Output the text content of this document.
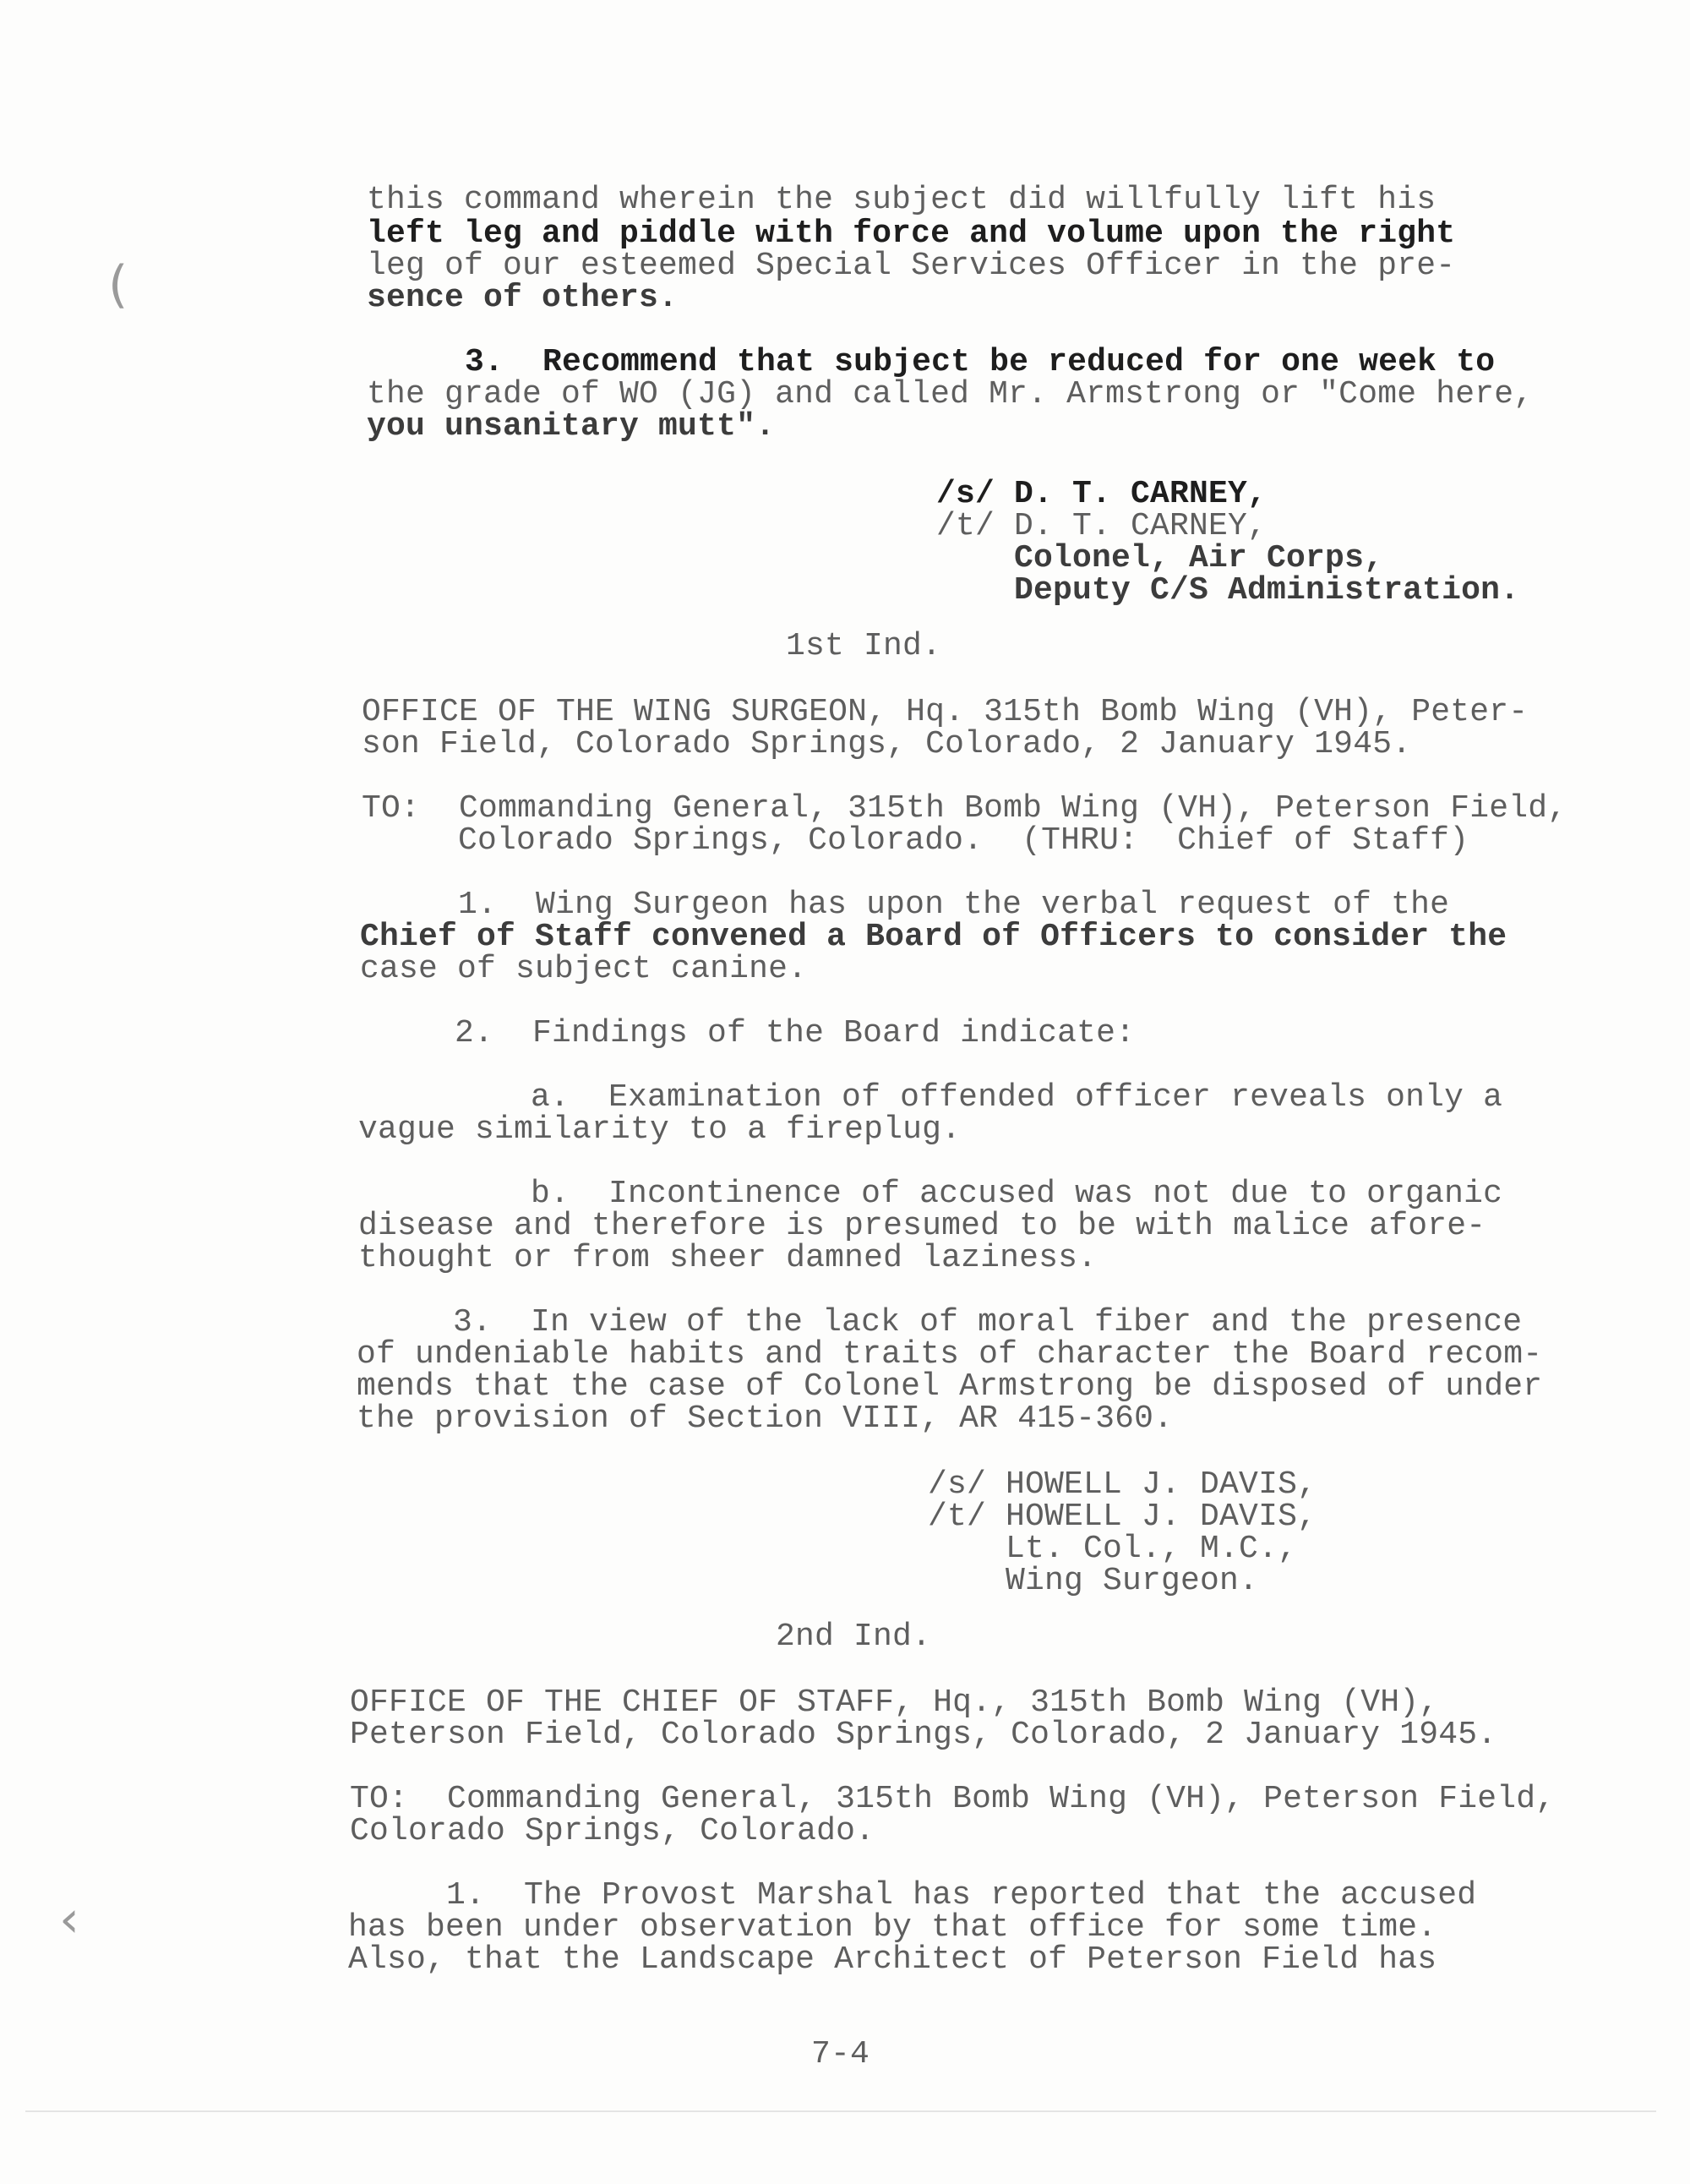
this command wherein the subject did willfully lift his
left leg and piddle with force and volume upon the right
leg of our esteemed Special Services Officer in the pre-
sence of others.
3.  Recommend that subject be reduced for one week to
the grade of WO (JG) and called Mr. Armstrong or "Come here,
you unsanitary mutt".
/s/ D. T. CARNEY,
/t/ D. T. CARNEY,
Colonel, Air Corps,
Deputy C/S Administration.
1st Ind.
OFFICE OF THE WING SURGEON, Hq. 315th Bomb Wing (VH), Peter-
son Field, Colorado Springs, Colorado, 2 January 1945.
TO:  Commanding General, 315th Bomb Wing (VH), Peterson Field,
Colorado Springs, Colorado.  (THRU:  Chief of Staff)
1.  Wing Surgeon has upon the verbal request of the
Chief of Staff convened a Board of Officers to consider the
case of subject canine.
2.  Findings of the Board indicate:
a.  Examination of offended officer reveals only a
vague similarity to a fireplug.
b.  Incontinence of accused was not due to organic
disease and therefore is presumed to be with malice afore-
thought or from sheer damned laziness.
3.  In view of the lack of moral fiber and the presence
of undeniable habits and traits of character the Board recom-
mends that the case of Colonel Armstrong be disposed of under
the provision of Section VIII, AR 415-360.
/s/ HOWELL J. DAVIS,
/t/ HOWELL J. DAVIS,
Lt. Col., M.C.,
Wing Surgeon.
2nd Ind.
OFFICE OF THE CHIEF OF STAFF, Hq., 315th Bomb Wing (VH),
Peterson Field, Colorado Springs, Colorado, 2 January 1945.
TO:  Commanding General, 315th Bomb Wing (VH), Peterson Field,
Colorado Springs, Colorado.
1.  The Provost Marshal has reported that the accused
has been under observation by that office for some time.
Also, that the Landscape Architect of Peterson Field has
7-4
(
‹
